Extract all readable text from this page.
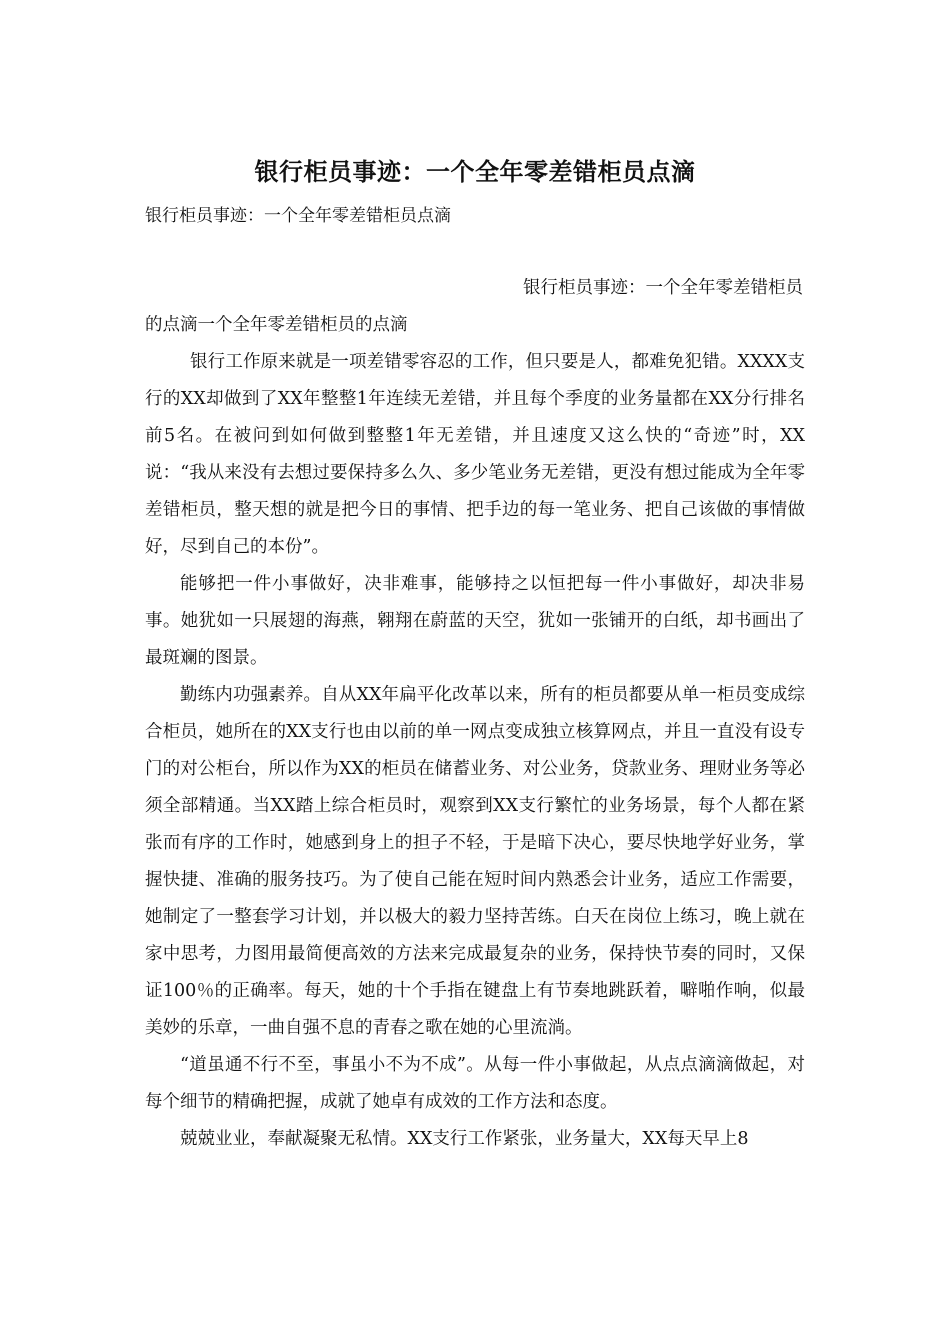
银行柜员事迹：一个全年零差错柜员点滴
银行柜员事迹：一个全年零差错柜员点滴
银行柜员事迹：一个全年零差错柜员
的点滴一个全年零差错柜员的点滴
银行工作原来就是一项差错零容忍的工作，但只要是人，都难免犯错。XXXX支行的XX却做到了XX年整整1年连续无差错，并且每个季度的业务量都在XX分行排名前5名。在被问到如何做到整整1年无差错，并且速度又这么快的“奇迹”时，XX说：“我从来没有去想过要保持多么久、多少笔业务无差错，更没有想过能成为全年零差错柜员，整天想的就是把今日的事情、把手边的每一笔业务、把自己该做的事情做好，尽到自己的本份”。
能够把一件小事做好，决非难事，能够持之以恒把每一件小事做好，却决非易事。她犹如一只展翅的海燕，翱翔在蔚蓝的天空，犹如一张铺开的白纸，却书画出了最斑斓的图景。
勤练内功强素养。自从XX年扁平化改革以来，所有的柜员都要从单一柜员变成综合柜员，她所在的XX支行也由以前的单一网点变成独立核算网点，并且一直没有设专门的对公柜台，所以作为XX的柜员在储蓄业务、对公业务，贷款业务、理财业务等必须全部精通。当XX踏上综合柜员时，观察到XX支行繁忙的业务场景，每个人都在紧张而有序的工作时，她感到身上的担子不轻，于是暗下决心，要尽快地学好业务，掌握快捷、准确的服务技巧。为了使自己能在短时间内熟悉会计业务，适应工作需要，她制定了一整套学习计划，并以极大的毅力坚持苦练。白天在岗位上练习，晚上就在家中思考，力图用最简便高效的方法来完成最复杂的业务，保持快节奏的同时，又保证100％的正确率。每天，她的十个手指在键盘上有节奏地跳跃着，噼啪作响，似最美妙的乐章，一曲自强不息的青春之歌在她的心里流淌。
“道虽通不行不至，事虽小不为不成”。从每一件小事做起，从点点滴滴做起，对每个细节的精确把握，成就了她卓有成效的工作方法和态度。
兢兢业业，奉献凝聚无私情。XX支行工作紧张，业务量大，XX每天早上8
